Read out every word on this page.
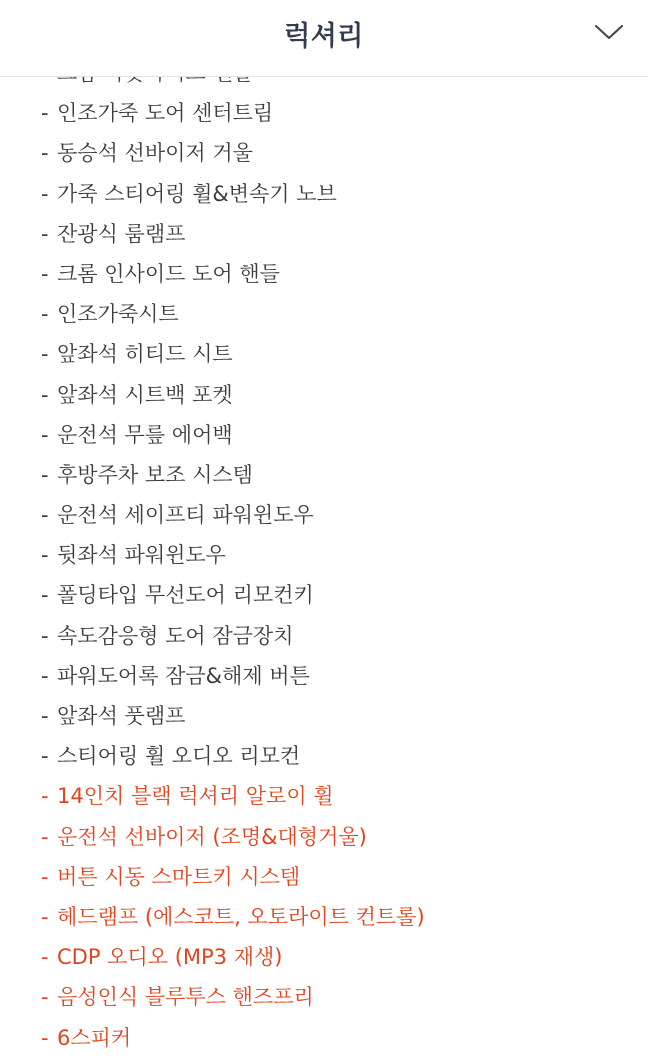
럭셔리
- 인조가죽 도어 센터트림
- 동승석 선바이저 거울
- 가죽 스티어링 휠&변속기 노브
- 잔광식 룸램프
- 크롬 인사이드 도어 핸들
- 인조가죽시트
- 앞좌석 히티드 시트
- 앞좌석 시트백 포켓
- 운전석 무릎 에어백
- 후방주차 보조 시스템
- 운전석 세이프티 파워윈도우
- 뒷좌석 파워윈도우
- 폴딩타입 무선도어 리모컨키
- 속도감응형 도어 잠금장치
- 파워도어록 잠금&해제 버튼
- 앞좌석 풋램프
- 스티어링 휠 오디오 리모컨
- 14인치 블랙 럭셔리 알로이 휠
- 운전석 선바이저 (조명&대형거울)
- 버튼 시동 스마트키 시스템
- 헤드램프 (에스코트, 오토라이트 컨트롤)
- CDP 오디오 (MP3 재생)
- 음성인식 블루투스 핸즈프리
- 6스피커
